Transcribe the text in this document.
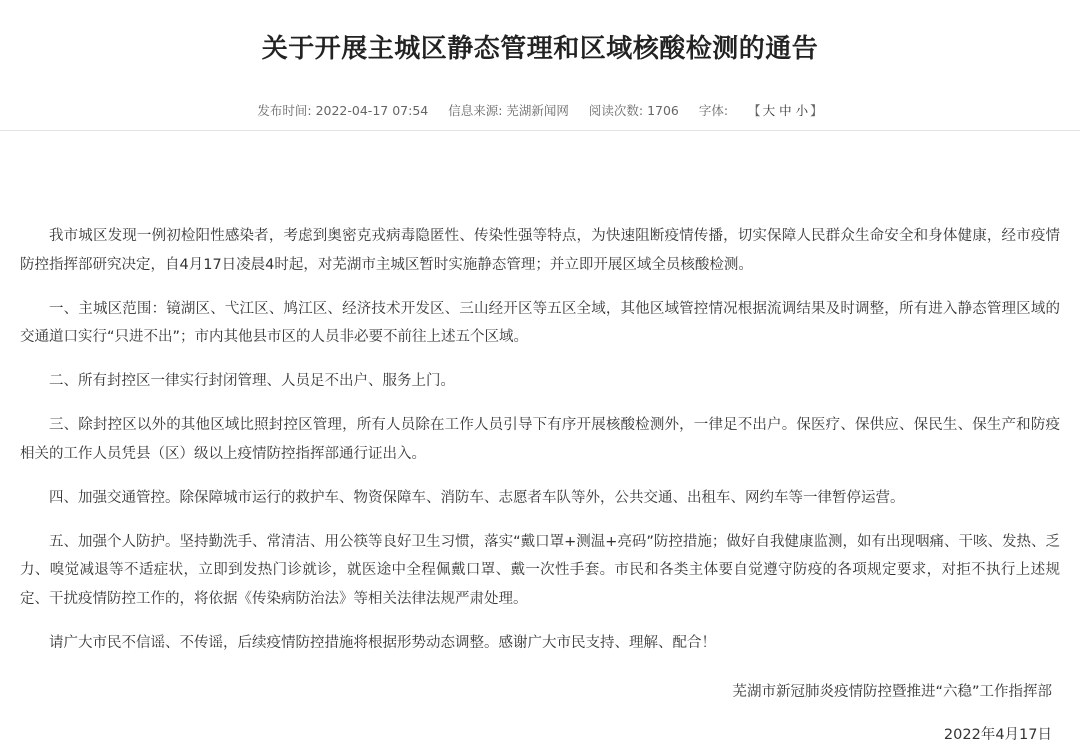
关于开展主城区静态管理和区域核酸检测的通告
发布时间: 2022-04-17 07:54 信息来源: 芜湖新闻网 阅读次数: 1706 字体: 【 大 中 小 】

我市城区发现一例初检阳性感染者，考虑到奥密克戎病毒隐匿性、传染性强等特点，为快速阻断疫情传播，切实保障人民群众生命安全和身体健康，经市疫情防控指挥部研究决定，自4月17日凌晨4时起，对芜湖市主城区暂时实施静态管理；并立即开展区域全员核酸检测。

一、主城区范围：镜湖区、弋江区、鸠江区、经济技术开发区、三山经开区等五区全域，其他区域管控情况根据流调结果及时调整，所有进入静态管理区域的交通道口实行“只进不出”；市内其他县市区的人员非必要不前往上述五个区域。

二、所有封控区一律实行封闭管理、人员足不出户、服务上门。

三、除封控区以外的其他区域比照封控区管理，所有人员除在工作人员引导下有序开展核酸检测外，一律足不出户。保医疗、保供应、保民生、保生产和防疫相关的工作人员凭县（区）级以上疫情防控指挥部通行证出入。

四、加强交通管控。除保障城市运行的救护车、物资保障车、消防车、志愿者车队等外，公共交通、出租车、网约车等一律暂停运营。

五、加强个人防护。坚持勤洗手、常清洁、用公筷等良好卫生习惯，落实“戴口罩+测温+亮码”防控措施；做好自我健康监测，如有出现咽痛、干咳、发热、乏力、嗅觉减退等不适症状，立即到发热门诊就诊，就医途中全程佩戴口罩、戴一次性手套。市民和各类主体要自觉遵守防疫的各项规定要求，对拒不执行上述规定、干扰疫情防控工作的，将依据《传染病防治法》等相关法律法规严肃处理。

请广大市民不信谣、不传谣，后续疫情防控措施将根据形势动态调整。感谢广大市民支持、理解、配合！

芜湖市新冠肺炎疫情防控暨推进“六稳”工作指挥部
2022年4月17日
